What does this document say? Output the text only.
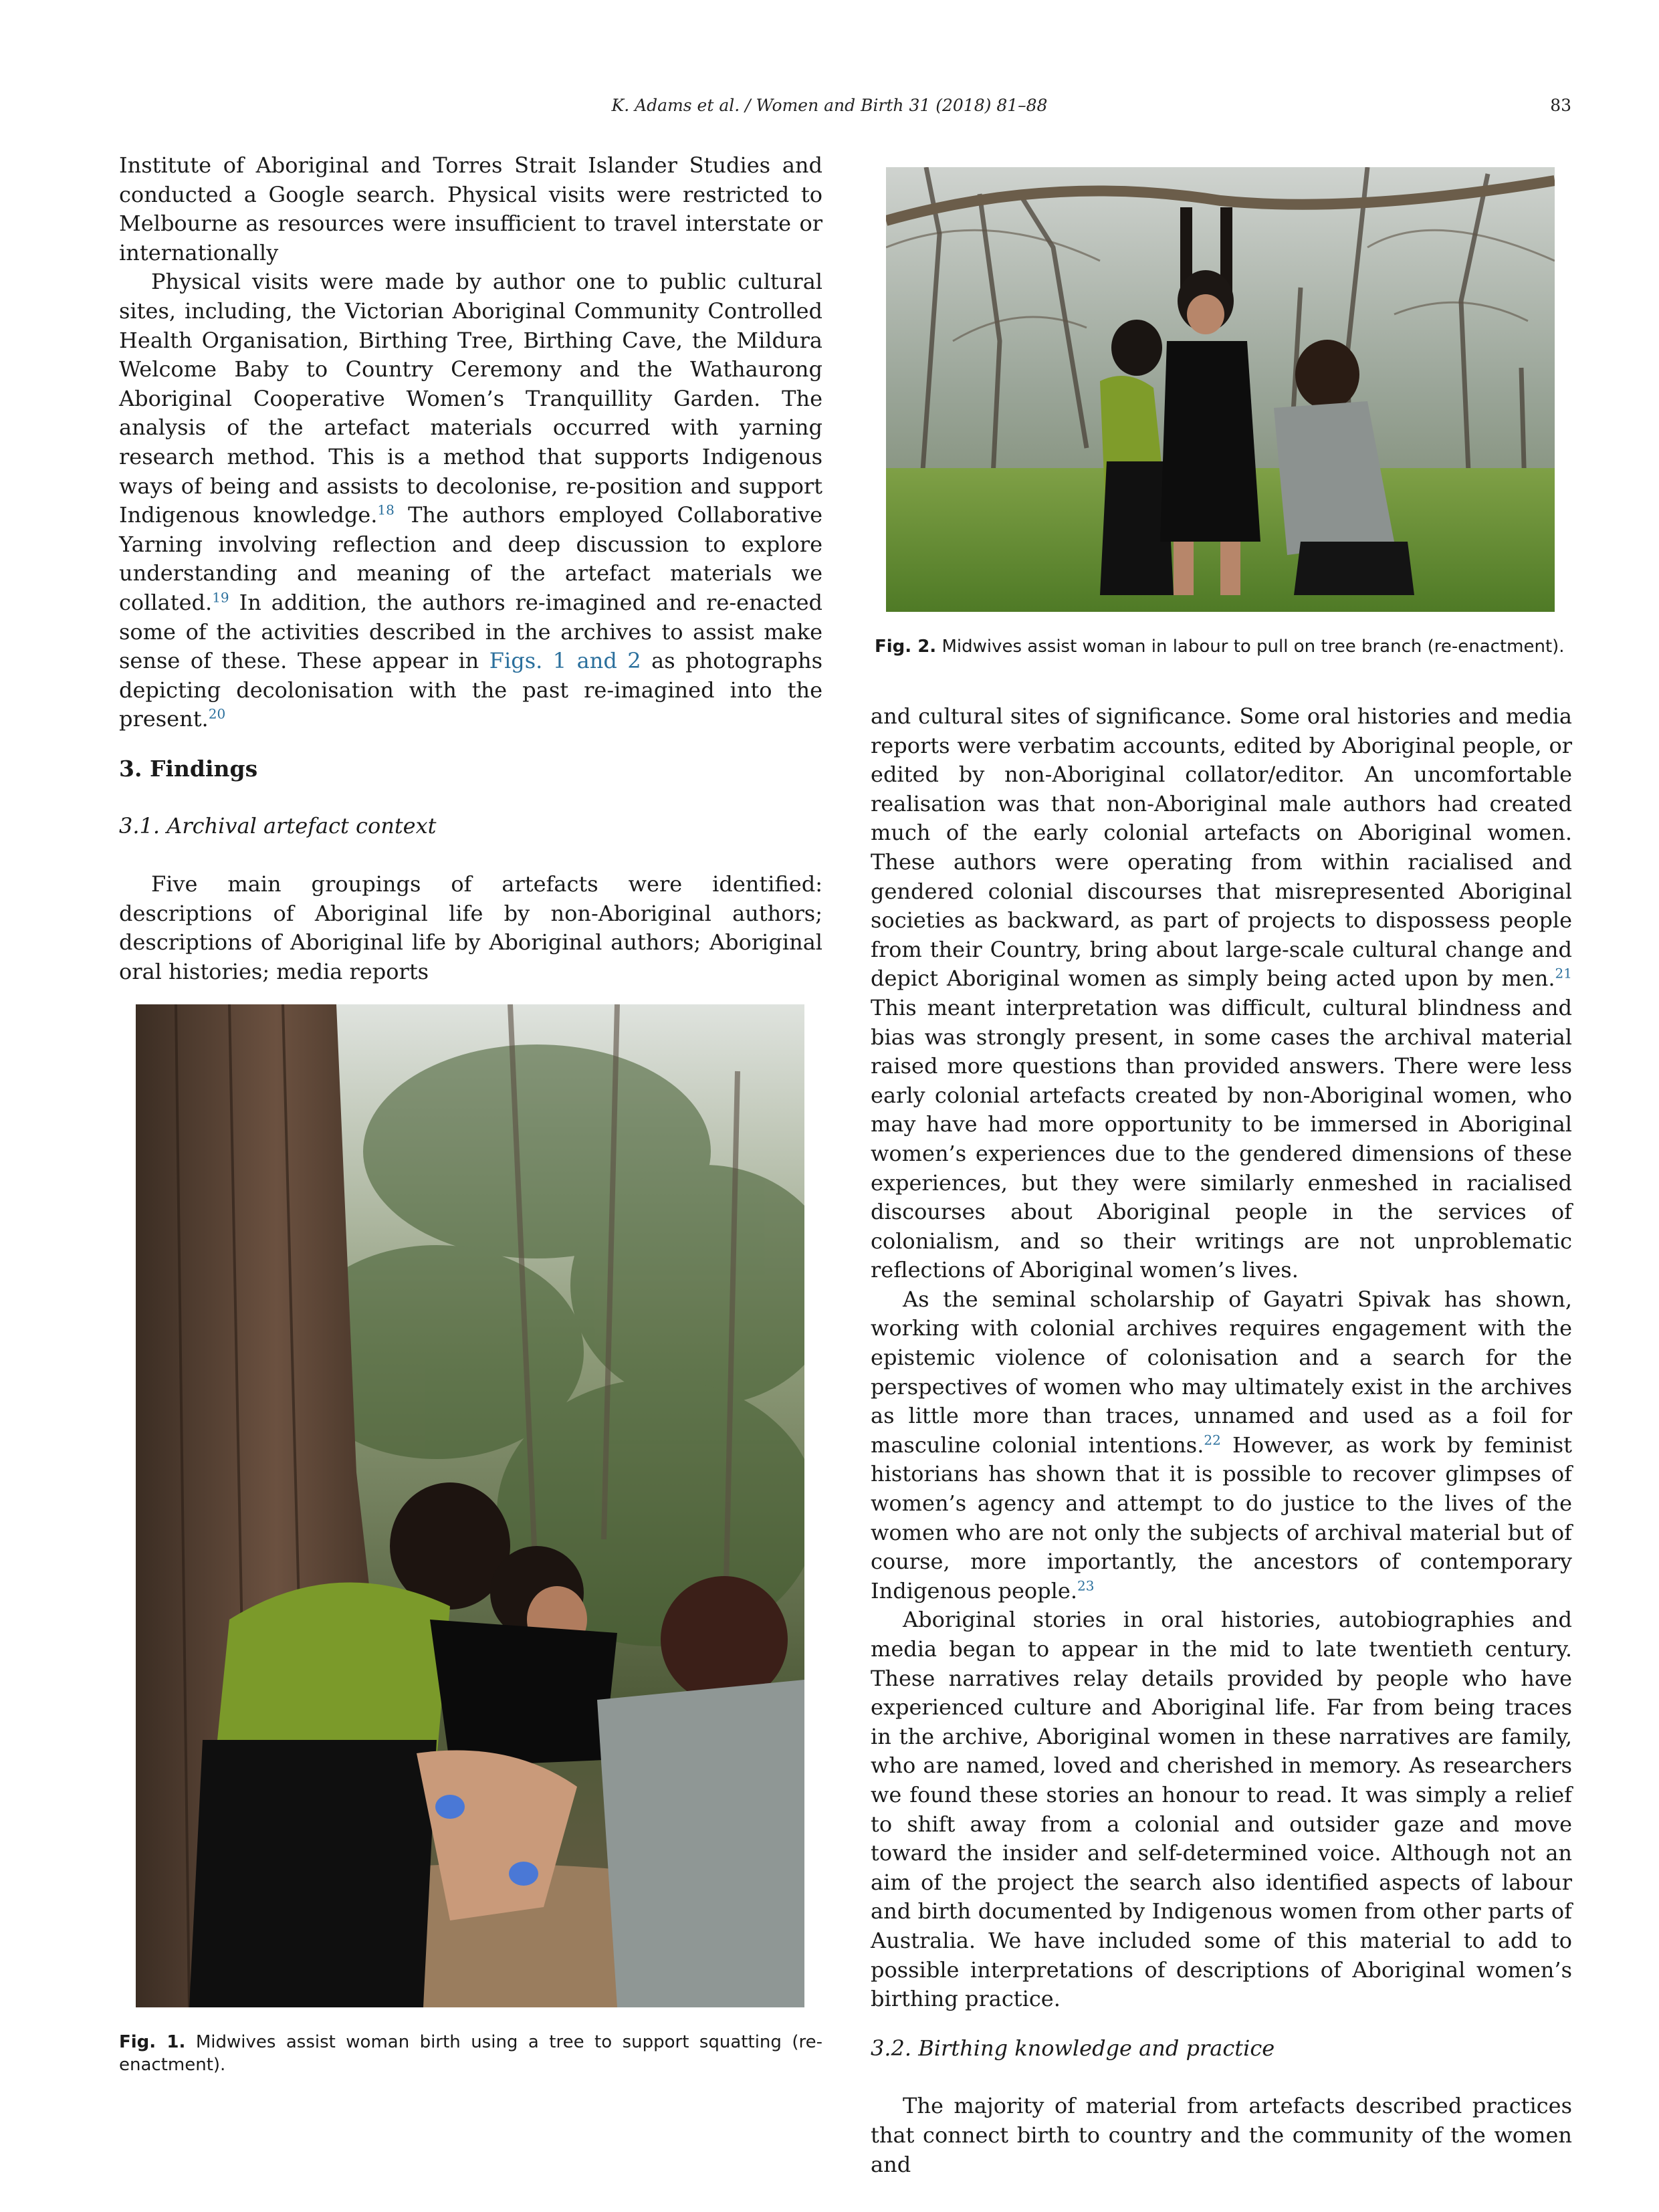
K. Adams et al. / Women and Birth 31 (2018) 81–88	83

Institute of Aboriginal and Torres Strait Islander Studies and conducted a Google search. Physical visits were restricted to Melbourne as resources were insufficient to travel interstate or internationally

Physical visits were made by author one to public cultural sites, including, the Victorian Aboriginal Community Controlled Health Organisation, Birthing Tree, Birthing Cave, the Mildura Welcome Baby to Country Ceremony and the Wathaurong Aboriginal Cooperative Women’s Tranquillity Garden. The analysis of the artefact materials occurred with yarning research method. This is a method that supports Indigenous ways of being and assists to decolonise, re-position and support Indigenous knowledge.$^{18}$ The authors employed Collaborative Yarning involving reflection and deep discussion to explore understanding and meaning of the artefact materials we collated.$^{19}$ In addition, the authors re-imagined and re-enacted some of the activities described in the archives to assist make sense of these. These appear in Figs. 1 and 2 as photographs depicting decolonisation with the past re-imagined into the present.$^{20}$

3. Findings

3.1. Archival artefact context

Five main groupings of artefacts were identified: descriptions of Aboriginal life by non-Aboriginal authors; descriptions of Aboriginal life by Aboriginal authors; Aboriginal oral histories; media reports

Fig. 2. Midwives assist woman in labour to pull on tree branch (re-enactment).
Fig. 1. Midwives assist woman birth using a tree to support squatting (re-enactment).

and cultural sites of significance. Some oral histories and media reports were verbatim accounts, edited by Aboriginal people, or edited by non-Aboriginal collator/editor. An uncomfortable realisation was that non-Aboriginal male authors had created much of the early colonial artefacts on Aboriginal women. These authors were operating from within racialised and gendered colonial discourses that misrepresented Aboriginal societies as backward, as part of projects to dispossess people from their Country, bring about large-scale cultural change and depict Aboriginal women as simply being acted upon by men.$^{21}$ This meant interpretation was difficult, cultural blindness and bias was strongly present, in some cases the archival material raised more questions than provided answers. There were less early colonial artefacts created by non-Aboriginal women, who may have had more opportunity to be immersed in Aboriginal women’s experiences due to the gendered dimensions of these experiences, but they were similarly enmeshed in racialised discourses about Aboriginal people in the services of colonialism, and so their writings are not unproblematic reflections of Aboriginal women’s lives.

As the seminal scholarship of Gayatri Spivak has shown, working with colonial archives requires engagement with the epistemic violence of colonisation and a search for the perspectives of women who may ultimately exist in the archives as little more than traces, unnamed and used as a foil for masculine colonial intentions.$^{22}$ However, as work by feminist historians has shown that it is possible to recover glimpses of women’s agency and attempt to do justice to the lives of the women who are not only the subjects of archival material but of course, more importantly, the ancestors of contemporary Indigenous people.$^{23}$

Aboriginal stories in oral histories, autobiographies and media began to appear in the mid to late twentieth century. These narratives relay details provided by people who have experienced culture and Aboriginal life. Far from being traces in the archive, Aboriginal women in these narratives are family, who are named, loved and cherished in memory. As researchers we found these stories an honour to read. It was simply a relief to shift away from a colonial and outsider gaze and move toward the insider and self-determined voice. Although not an aim of the project the search also identified aspects of labour and birth documented by Indigenous women from other parts of Australia. We have included some of this material to add to possible interpretations of descriptions of Aboriginal women’s birthing practice.

3.2. Birthing knowledge and practice

The majority of material from artefacts described practices that connect birth to country and the community of the women and
